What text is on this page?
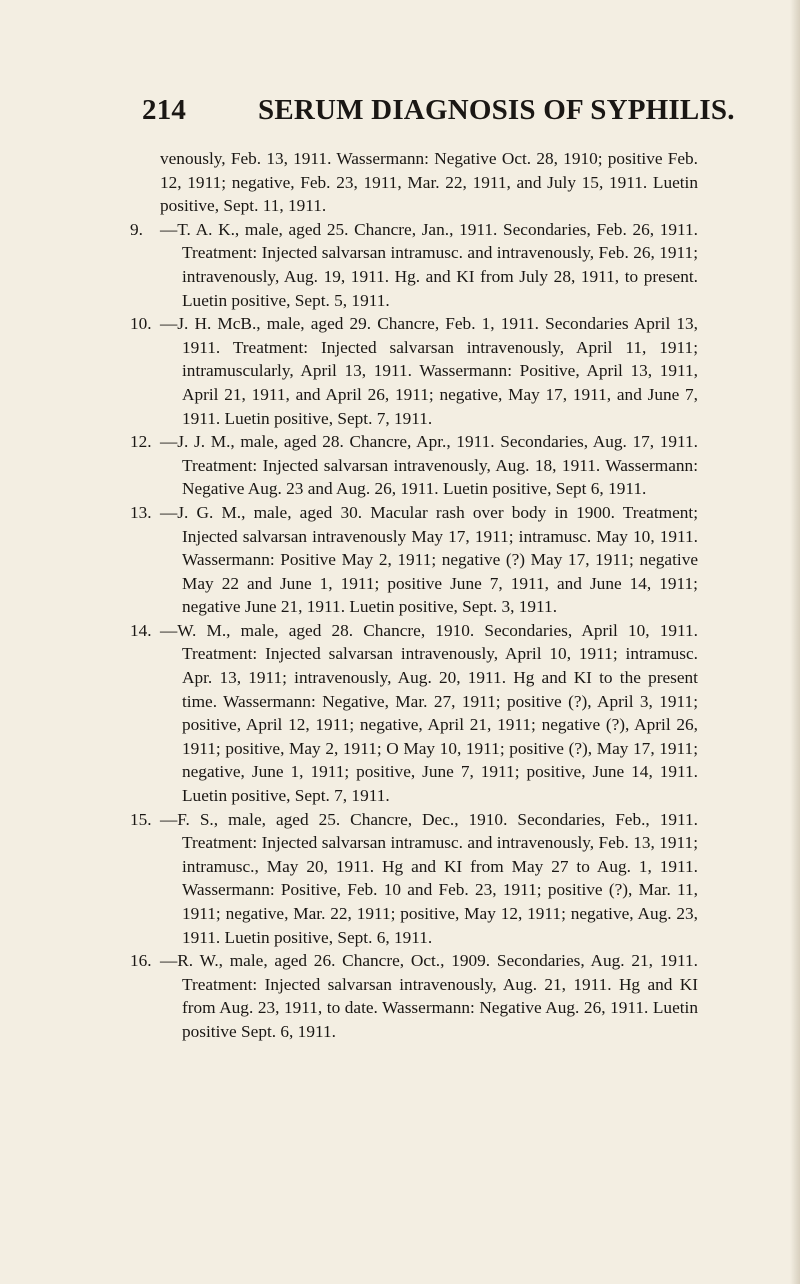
214 SERUM DIAGNOSIS OF SYPHILIS.

venously, Feb. 13, 1911. Wassermann: Negative Oct. 28, 1910; positive Feb. 12, 1911; negative, Feb. 23, 1911, Mar. 22, 1911, and July 15, 1911. Luetin positive, Sept. 11, 1911.

9. —T. A. K., male, aged 25. Chancre, Jan., 1911. Secondaries, Feb. 26, 1911. Treatment: Injected salvarsan intramusc. and intravenously, Feb. 26, 1911; intravenously, Aug. 19, 1911. Hg. and KI from July 28, 1911, to present. Luetin positive, Sept. 5, 1911.

10. —J. H. McB., male, aged 29. Chancre, Feb. 1, 1911. Secondaries April 13, 1911. Treatment: Injected salvarsan intravenously, April 11, 1911; intramuscularly, April 13, 1911. Wassermann: Positive, April 13, 1911, April 21, 1911, and April 26, 1911; negative, May 17, 1911, and June 7, 1911. Luetin positive, Sept. 7, 1911.

12. —J. J. M., male, aged 28. Chancre, Apr., 1911. Secondaries, Aug. 17, 1911. Treatment: Injected salvarsan intravenously, Aug. 18, 1911. Wassermann: Negative Aug. 23 and Aug. 26, 1911. Luetin positive, Sept 6, 1911.

13. —J. G. M., male, aged 30. Macular rash over body in 1900. Treatment; Injected salvarsan intravenously May 17, 1911; intramusc. May 10, 1911. Wassermann: Positive May 2, 1911; negative (?) May 17, 1911; negative May 22 and June 1, 1911; positive June 7, 1911, and June 14, 1911; negative June 21, 1911. Luetin positive, Sept. 3, 1911.

14. —W. M., male, aged 28. Chancre, 1910. Secondaries, April 10, 1911. Treatment: Injected salvarsan intravenously, April 10, 1911; intramusc. Apr. 13, 1911; intravenously, Aug. 20, 1911. Hg and KI to the present time. Wassermann: Negative, Mar. 27, 1911; positive (?), April 3, 1911; positive, April 12, 1911; negative, April 21, 1911; negative (?), April 26, 1911; positive, May 2, 1911; O May 10, 1911; positive (?), May 17, 1911; negative, June 1, 1911; positive, June 7, 1911; positive, June 14, 1911. Luetin positive, Sept. 7, 1911.

15. —F. S., male, aged 25. Chancre, Dec., 1910. Secondaries, Feb., 1911. Treatment: Injected salvarsan intramusc. and intravenously, Feb. 13, 1911; intramusc., May 20, 1911. Hg and KI from May 27 to Aug. 1, 1911. Wassermann: Positive, Feb. 10 and Feb. 23, 1911; positive (?), Mar. 11, 1911; negative, Mar. 22, 1911; positive, May 12, 1911; negative, Aug. 23, 1911. Luetin positive, Sept. 6, 1911.

16. —R. W., male, aged 26. Chancre, Oct., 1909. Secondaries, Aug. 21, 1911. Treatment: Injected salvarsan intravenously, Aug. 21, 1911. Hg and KI from Aug. 23, 1911, to date. Wassermann: Negative Aug. 26, 1911. Luetin positive Sept. 6, 1911.
